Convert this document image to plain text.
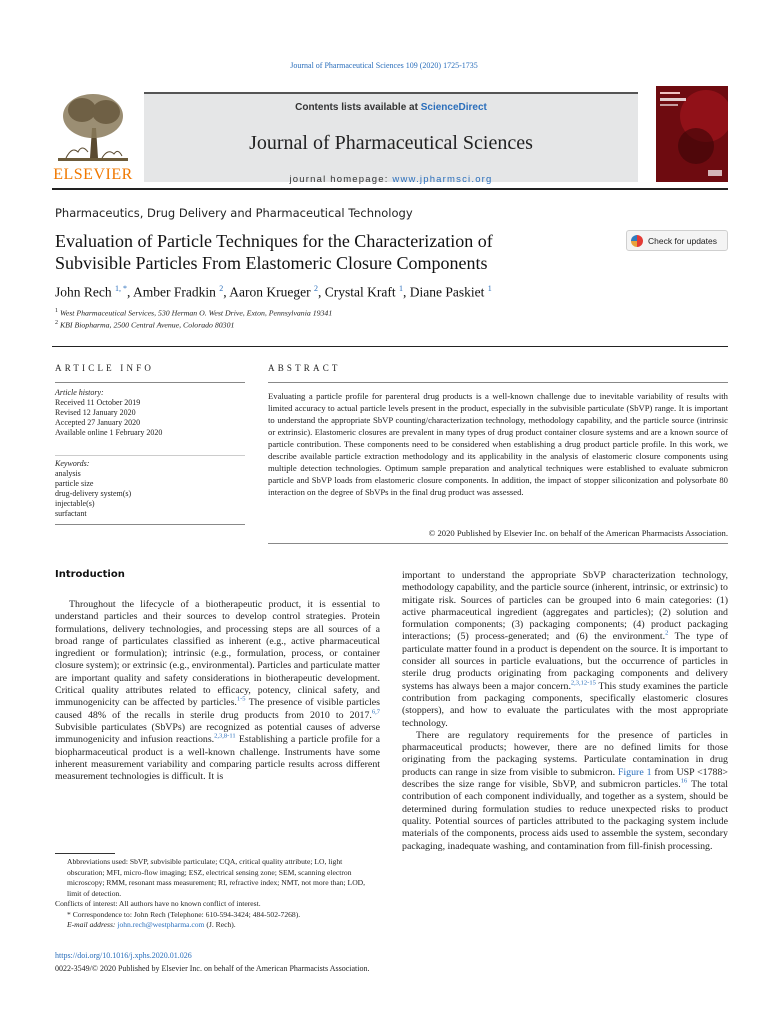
Journal of Pharmaceutical Sciences 109 (2020) 1725-1735
ELSEVIER
Contents lists available at ScienceDirect
Journal of Pharmaceutical Sciences
journal homepage: www.jpharmsci.org
Pharmaceutics, Drug Delivery and Pharmaceutical Technology
Evaluation of Particle Techniques for the Characterization of
Subvisible Particles From Elastomeric Closure Components
Check for updates
John Rech $^{1, *}$, Amber Fradkin $^2$, Aaron Krueger $^2$, Crystal Kraft $^1$, Diane Paskiet $^1$
$^1$ West Pharmaceutical Services, 530 Herman O. West Drive, Exton, Pennsylvania 19341
$^2$ KBI Biopharma, 2500 Central Avenue, Colorado 80301
ARTICLE INFO	ABSTRACT
Article history:
Received 11 October 2019
Revised 12 January 2020
Accepted 27 January 2020
Available online 1 February 2020
Keywords:
analysis
particle size
drug-delivery system(s)
injectable(s)
surfactant
Evaluating a particle profile for parenteral drug products is a well-known challenge due to inevitable variability of results with limited accuracy to actual particle levels present in the product, especially in the subvisible particulate (SbVP) range. It is important to understand the appropriate SbVP counting/characterization technology, methodology capability, and the particle source (intrinsic or extrinsic). Elastomeric closures are prevalent in many types of drug product container closure systems and are a known source of particle contribution. These components need to be considered when establishing a drug product particle profile. In this work, we describe available particle extraction methodology and its applicability in the analysis of elastomeric closure components using multiple detection technologies. Optimum sample preparation and analytical techniques were established to evaluate submicron particle and SbVP loads from elastomeric closure components. In addition, the impact of stopper siliconization and polysorbate 80 interaction on the degree of SbVPs in the final drug product was assessed.
© 2020 Published by Elsevier Inc. on behalf of the American Pharmacists Association.
Introduction

Throughout the lifecycle of a biotherapeutic product, it is essential to understand particles and their sources to develop control strategies. Protein formulations, delivery technologies, and processing steps are all sources of a broad range of particulates classified as inherent (e.g., active pharmaceutical ingredient or formulation); intrinsic (e.g., formulation, process, or container closure system); or extrinsic (e.g., environmental). Particles and particulate matter are important quality and safety considerations in biotherapeutic development. Critical quality attributes related to efficacy, potency, clinical safety, and immunogenicity can be affected by particles.$^{1-5}$ The presence of visible particles caused 48% of the recalls in sterile drug products from 2010 to 2017.$^{6,7}$ Subvisible particulates (SbVPs) are recognized as potential causes of adverse immunogenicity and infusion reactions.$^{2,3,8-11}$ Establishing a particle profile for a biopharmaceutical product is a well-known challenge. Instruments have some inherent measurement variability and comparing particle results across different measurement technologies is difficult. It is

important to understand the appropriate SbVP characterization technology, methodology capability, and the particle source (inherent, intrinsic, or extrinsic) to mitigate risk. Sources of particles can be grouped into 6 main categories: (1) active pharmaceutical ingredient (aggregates and particles); (2) solution and formulation components; (3) packaging components; (4) product packaging interactions; (5) process-generated; and (6) the environment.$^2$ The type of particulate matter found in a product is dependent on the source. It is important to consider all sources in particle evaluations, but the occurrence of particles in sterile drug products originating from packaging components and delivery systems has always been a major concern.$^{2,3,12-15}$ This study examines the particle contribution from packaging components, specifically elastomeric closures (stoppers), and how to evaluate the particulates with the most appropriate technology.

There are regulatory requirements for the presence of particles in pharmaceutical products; however, there are no defined limits for those originating from the packaging systems. Particulate contamination in drug products can range in size from visible to submicron. Figure 1 from USP <1788> describes the size range for visible, SbVP, and submicron particles.$^{16}$ The total contribution of each component individually, and together as a system, should be determined during formulation studies to reduce unexpected risks to product quality. Potential sources of particles attributed to the packaging system include materials of the components, process aids used to assemble the system, secondary packaging, inadequate washing, and contamination from fill-finish processing.

Abbreviations used: SbVP, subvisible particulate; CQA, critical quality attribute; LO, light obscuration; MFI, micro-flow imaging; ESZ, electrical sensing zone; SEM, scanning electron microscopy; RMM, resonant mass measurement; RI, refractive index; NMT, not more than; LOD, limit of detection.
Conflicts of interest: All authors have no known conflict of interest.
* Correspondence to: John Rech (Telephone: 610-594-3424; 484-502-7268).
E-mail address: john.rech@westpharma.com (J. Rech).
https://doi.org/10.1016/j.xphs.2020.01.026
0022-3549/© 2020 Published by Elsevier Inc. on behalf of the American Pharmacists Association.
